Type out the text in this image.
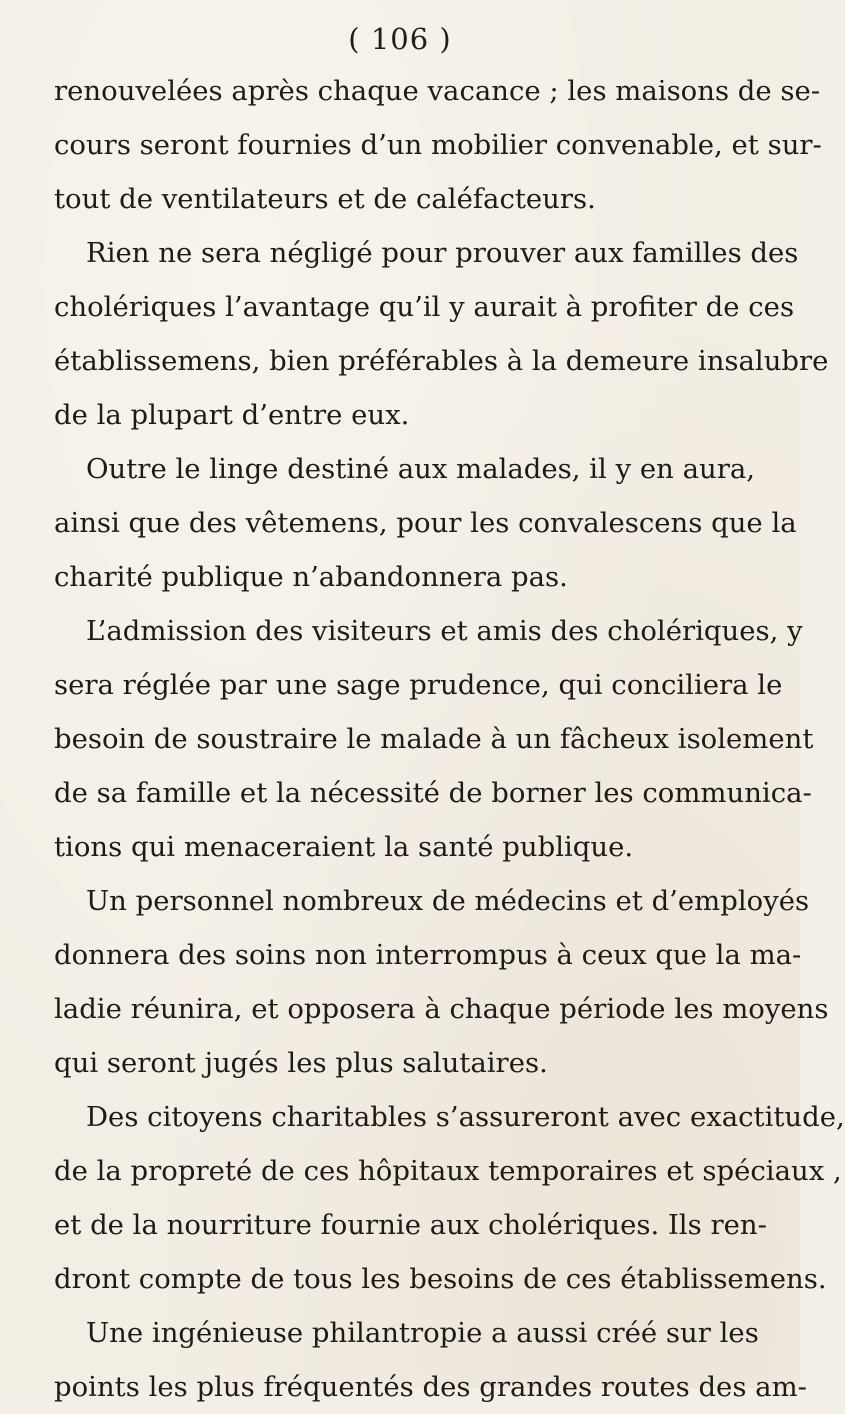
( 106 )
renouvelées après chaque vacance ; les maisons de se-
cours seront fournies d’un mobilier convenable, et sur-
tout de ventilateurs et de caléfacteurs.
Rien ne sera négligé pour prouver aux familles des
cholériques l’avantage qu’il y aurait à profiter de ces
établissemens, bien préférables à la demeure insalubre
de la plupart d’entre eux.
Outre le linge destiné aux malades, il y en aura,
ainsi que des vêtemens, pour les convalescens que la
charité publique n’abandonnera pas.
L’admission des visiteurs et amis des cholériques, y
sera réglée par une sage prudence, qui conciliera le
besoin de soustraire le malade à un fâcheux isolement
de sa famille et la nécessité de borner les communica-
tions qui menaceraient la santé publique.
Un personnel nombreux de médecins et d’employés
donnera des soins non interrompus à ceux que la ma-
ladie réunira, et opposera à chaque période les moyens
qui seront jugés les plus salutaires.
Des citoyens charitables s’assureront avec exactitude,
de la propreté de ces hôpitaux temporaires et spéciaux ,
et de la nourriture fournie aux cholériques. Ils ren-
dront compte de tous les besoins de ces établissemens.
Une ingénieuse philantropie a aussi créé sur les
points les plus fréquentés des grandes routes des am-
